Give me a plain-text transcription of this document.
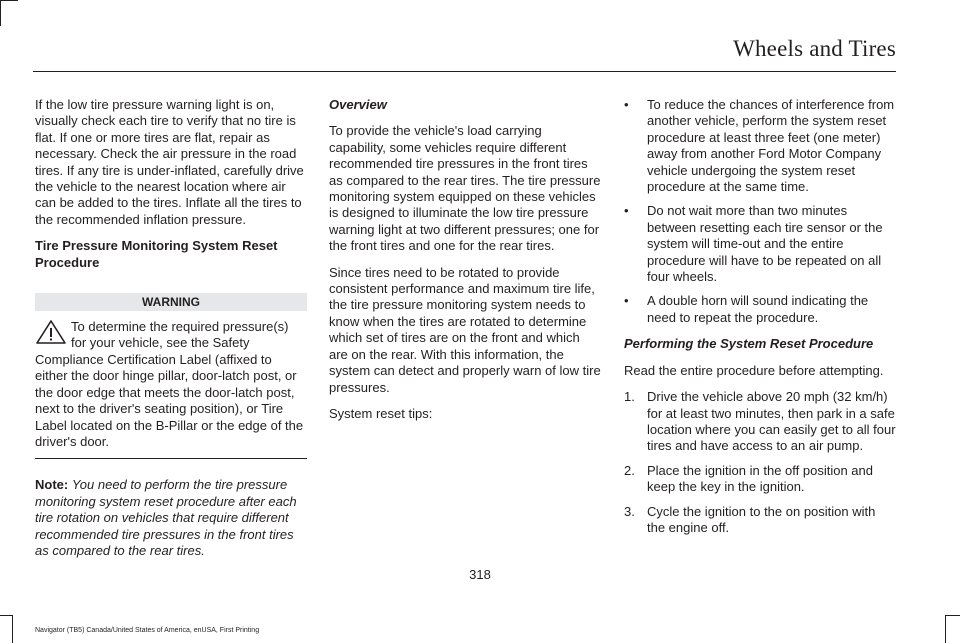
Wheels and Tires

If the low tire pressure warning light is on, visually check each tire to verify that no tire is flat. If one or more tires are flat, repair as necessary. Check the air pressure in the road tires. If any tire is under-inflated, carefully drive the vehicle to the nearest location where air can be added to the tires. Inflate all the tires to the recommended inflation pressure.

Tire Pressure Monitoring System Reset Procedure

WARNING
To determine the required pressure(s) for your vehicle, see the Safety Compliance Certification Label (affixed to either the door hinge pillar, door-latch post, or the door edge that meets the door-latch post, next to the driver's seating position), or Tire Label located on the B-Pillar or the edge of the driver's door.

Note: You need to perform the tire pressure monitoring system reset procedure after each tire rotation on vehicles that require different recommended tire pressures in the front tires as compared to the rear tires.

Overview

To provide the vehicle's load carrying capability, some vehicles require different recommended tire pressures in the front tires as compared to the rear tires. The tire pressure monitoring system equipped on these vehicles is designed to illuminate the low tire pressure warning light at two different pressures; one for the front tires and one for the rear tires.

Since tires need to be rotated to provide consistent performance and maximum tire life, the tire pressure monitoring system needs to know when the tires are rotated to determine which set of tires are on the front and which are on the rear. With this information, the system can detect and properly warn of low tire pressures.

System reset tips:

• To reduce the chances of interference from another vehicle, perform the system reset procedure at least three feet (one meter) away from another Ford Motor Company vehicle undergoing the system reset procedure at the same time.
• Do not wait more than two minutes between resetting each tire sensor or the system will time-out and the entire procedure will have to be repeated on all four wheels.
• A double horn will sound indicating the need to repeat the procedure.

Performing the System Reset Procedure

Read the entire procedure before attempting.

1. Drive the vehicle above 20 mph (32 km/h) for at least two minutes, then park in a safe location where you can easily get to all four tires and have access to an air pump.
2. Place the ignition in the off position and keep the key in the ignition.
3. Cycle the ignition to the on position with the engine off.
318
Navigator (TB5) Canada/United States of America, enUSA, First Printing
